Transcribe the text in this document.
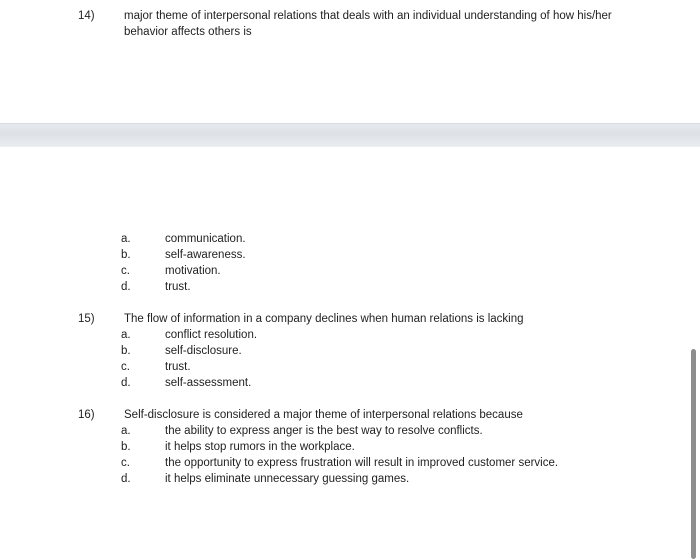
14)	major theme of interpersonal relations that deals with an individual understanding of how his/her behavior affects others is
a.	communication.
b.	self-awareness.
c.	motivation.
d.	trust.
15)	The flow of information in a company declines when human relations is lacking
a.	conflict resolution.
b.	self-disclosure.
c.	trust.
d.	self-assessment.
16)	Self-disclosure is considered a major theme of interpersonal relations because
a.	the ability to express anger is the best way to resolve conflicts.
b.	it helps stop rumors in the workplace.
c.	the opportunity to express frustration will result in improved customer service.
d.	it helps eliminate unnecessary guessing games.
